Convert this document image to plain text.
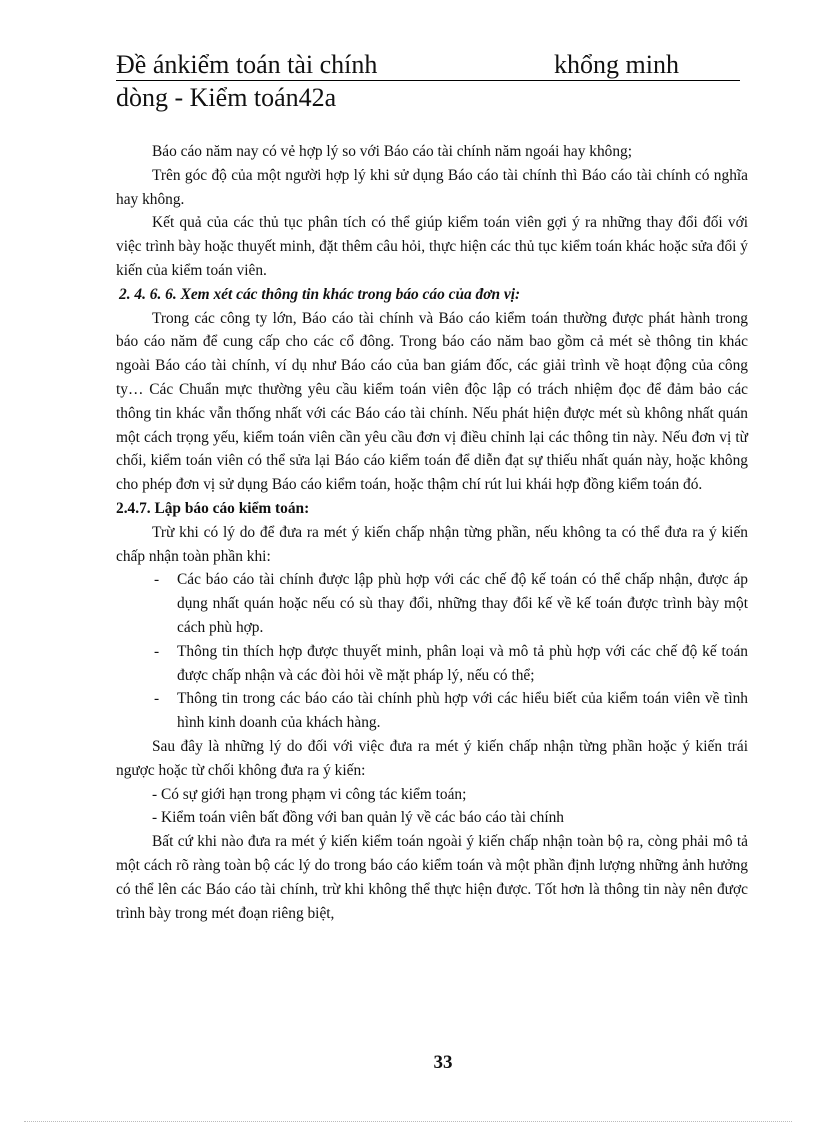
Đề ánkiểm toán tài chính	khổng minh
dòng - Kiểm toán42a

Báo cáo năm nay có vẻ hợp lý so với Báo cáo tài chính năm ngoái hay không;

Trên góc độ của một người hợp lý khi sử dụng Báo cáo tài chính thì Báo cáo tài chính có nghĩa hay không.

Kết quả của các thủ tục phân tích có thể giúp kiểm toán viên gợi ý ra những thay đổi đối với việc trình bày hoặc thuyết minh, đặt thêm câu hỏi, thực hiện các thủ tục kiểm toán khác hoặc sửa đổi ý kiến của kiểm toán viên.

2. 4. 6. 6. Xem xét các thông tin khác trong báo cáo của đơn vị:

Trong các công ty lớn, Báo cáo tài chính và Báo cáo kiểm toán thường được phát hành trong báo cáo năm để cung cấp cho các cổ đông. Trong báo cáo năm bao gồm cả mét sè thông tin khác ngoài Báo cáo tài chính, ví dụ như Báo cáo của ban giám đốc, các giải trình về hoạt động của công ty… Các Chuẩn mực thường yêu cầu kiểm toán viên độc lập có trách nhiệm đọc để đảm bảo các thông tin khác vẫn thống nhất với các Báo cáo tài chính. Nếu phát hiện được mét sù không nhất quán một cách trọng yếu, kiểm toán viên cần yêu cầu đơn vị điều chỉnh lại các thông tin này. Nếu đơn vị từ chối, kiểm toán viên có thể sửa lại Báo cáo kiểm toán để diễn đạt sự thiếu nhất quán này, hoặc không cho phép đơn vị sử dụng Báo cáo kiểm toán, hoặc thậm chí rút lui khái hợp đồng kiểm toán đó.

2.4.7. Lập báo cáo kiểm toán:

Trừ khi có lý do để đưa ra mét ý kiến chấp nhận từng phần, nếu không ta có thể đưa ra ý kiến chấp nhận toàn phần khi:

- Các báo cáo tài chính được lập phù hợp với các chế độ kế toán có thể chấp nhận, được áp dụng nhất quán hoặc nếu có sù thay đổi, những thay đổi kế về kế toán được trình bày một cách phù hợp.

- Thông tin thích hợp được thuyết minh, phân loại và mô tả phù hợp với các chế độ kế toán được chấp nhận và các đòi hỏi về mặt pháp lý, nếu có thể;

- Thông tin trong các báo cáo tài chính phù hợp với các hiểu biết của kiểm toán viên về tình hình kinh doanh của khách hàng.

Sau đây là những lý do đối với việc đưa ra mét ý kiến chấp nhận từng phần hoặc ý kiến trái ngược hoặc từ chối không đưa ra ý kiến:

- Có sự giới hạn trong phạm vi công tác kiểm toán;

- Kiểm toán viên bất đồng với ban quản lý về các báo cáo tài chính

Bất cứ khi nào đưa ra mét ý kiến kiểm toán ngoài ý kiến chấp nhận toàn bộ ra, còng phải mô tả một cách rõ ràng toàn bộ các lý do trong báo cáo kiểm toán và một phần định lượng những ảnh hưởng có thể lên các Báo cáo tài chính, trừ khi không thể thực hiện được. Tốt hơn là thông tin này nên được trình bày trong mét đoạn riêng biệt,

33
